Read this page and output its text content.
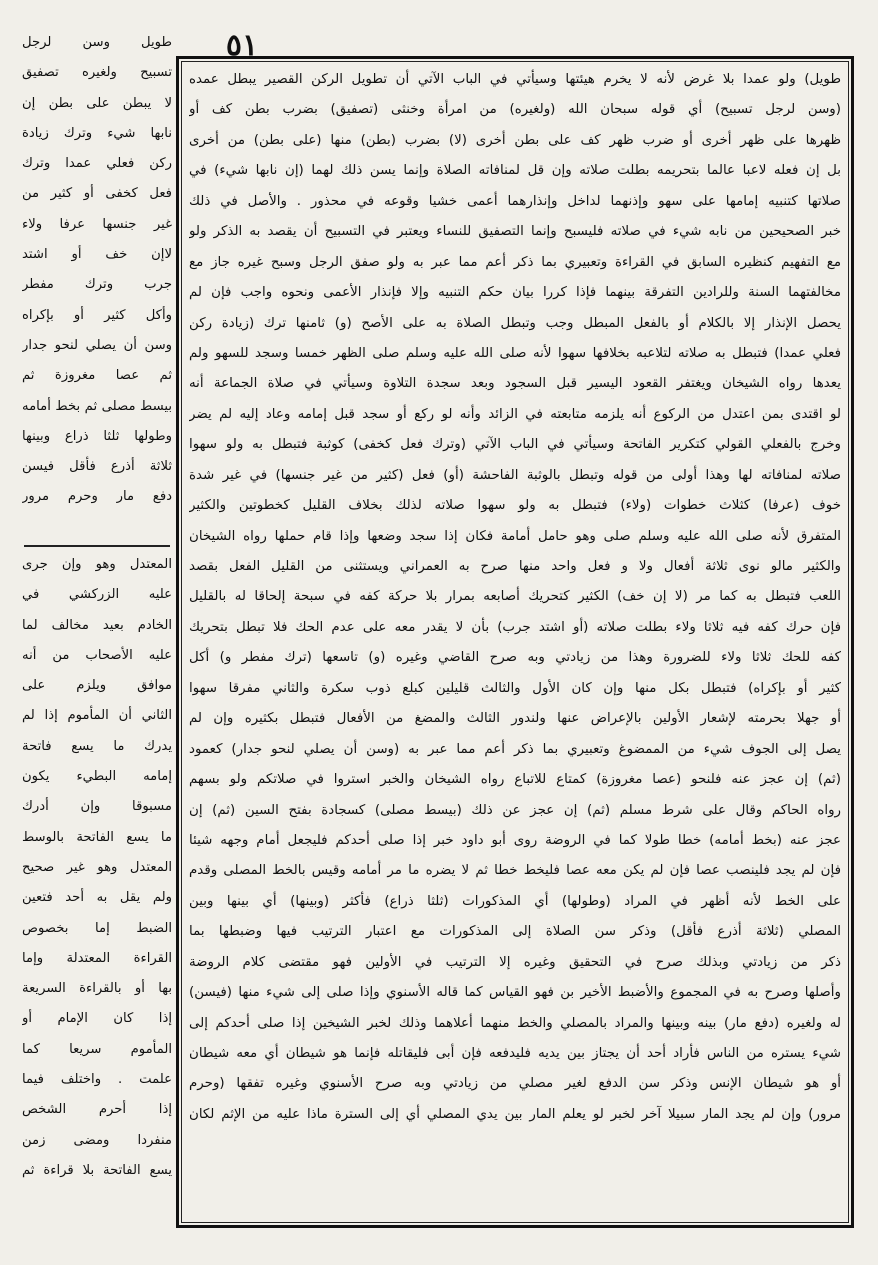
٥١
طويل وسن لرجل
تسبيح ولغيره تصفيق
لا يبطن على بطن إن
نابها شيء وترك زيادة
ركن فعلي عمدا وترك
فعل كخفى أو كثير من
غير جنسها عرفا ولاء
لاإن خف أو اشتد
جرب وترك مفطر
وأكل كثير أو بإكراه
وسن أن يصلي لنحو جدار
ثم عصا مغروزة ثم
بيسط مصلى ثم بخط أمامه
وطولها ثلثا ذراع وبينها
ثلاثة أذرع فأقل فيسن
دفع مار وحرم مرور
المعتدل وهو وإن جرى
عليه الزركشي في
الخادم بعيد مخالف لما
عليه الأصحاب من أنه
موافق ويلزم على
الثاني أن المأموم إذا لم
يدرك ما يسع فاتحة
إمامه البطيء يكون
مسبوقا وإن أدرك
ما يسع الفاتحة بالوسط
المعتدل وهو غير صحيح
ولم يقل به أحد فتعين
الضبط إما بخصوص
القراءة المعتدلة وإما
بها أو بالقراءة السريعة
إذا كان الإمام أو
المأموم سريعا كما
علمت . واختلف فيما
إذا أحرم الشخص
منفردا ومضى زمن
يسع الفاتحة بلا قراءة ثم
طويل) ولو عمدا بلا غرض لأنه لا يخرم هيئتها وسيأتي في الباب الآتي أن تطويل الركن القصير يبطل عمده
(وسن لرجل تسبيح) أي قوله سبحان الله (ولغيره) من امرأة وخنثى (تصفيق) بضرب بطن كف أو
ظهرها على ظهر أخرى أو ضرب ظهر كف على بطن أخرى (لا) بضرب (بطن) منها (على بطن) من أخرى
بل إن فعله لاعبا عالما بتحريمه بطلت صلاته وإن قل لمنافاته الصلاة وإنما يسن ذلك لهما (إن نابها شيء) في
صلاتها كتنبيه إمامها على سهو وإذنهما لداخل وإنذارهما أعمى خشيا وقوعه في محذور . والأصل في ذلك
خبر الصحيحين من نابه شيء في صلاته فليسبح وإنما التصفيق للنساء ويعتبر في التسبيح أن يقصد به الذكر ولو
مع التفهيم كنظيره السابق في القراءة وتعبيري بما ذكر أعم مما عبر به ولو صفق الرجل وسبح غيره جاز مع
مخالفتهما السنة وللرادين التفرقة بينهما فإذا كررا بيان حكم التنبيه وإلا فإنذار الأعمى ونحوه واجب فإن لم
يحصل الإنذار إلا بالكلام أو بالفعل المبطل وجب وتبطل الصلاة به على الأصح (و) ثامنها ترك (زيادة ركن
فعلي عمدا) فتبطل به صلاته لتلاعبه بخلافها سهوا لأنه صلى الله عليه وسلم صلى الظهر خمسا وسجد للسهو ولم
يعدها رواه الشيخان ويغتفر القعود اليسير قبل السجود وبعد سجدة التلاوة وسيأتي في صلاة الجماعة أنه
لو اقتدى بمن اعتدل من الركوع أنه يلزمه متابعته في الزائد وأنه لو ركع أو سجد قبل إمامه وعاد إليه لم يضر
وخرج بالفعلي القولي كتكرير الفاتحة وسيأتي في الباب الآتي (وترك فعل كخفى) كوثبة فتبطل به ولو سهوا
صلاته لمنافاته لها وهذا أولى من قوله وتبطل بالوثبة الفاحشة (أو) فعل (كثير من غير جنسها) في غير شدة
خوف (عرفا) كثلاث خطوات (ولاء) فتبطل به ولو سهوا صلاته لذلك بخلاف القليل كخطوتين والكثير
المتفرق لأنه صلى الله عليه وسلم صلى وهو حامل أمامة فكان إذا سجد وضعها وإذا قام حملها رواه الشيخان
والكثير مالو نوى ثلاثة أفعال ولا و فعل واحد منها صرح به العمراني ويستثنى من القليل الفعل بقصد
اللعب فتبطل به كما مر (لا إن خف) الكثير كتحريك أصابعه بمرار بلا حركة كفه في سبحة إلحاقا له بالقليل
فإن حرك كفه فيه ثلاثا ولاء بطلت صلاته (أو اشتد جرب) بأن لا يقدر معه على عدم الحك فلا تبطل بتحريك
كفه للحك ثلاثا ولاء للضرورة وهذا من زيادتي وبه صرح القاضي وغيره (و) تاسعها (ترك مفطر و) أكل
كثير أو بإكراه) فتبطل بكل منها وإن كان الأول والثالث قليلين كبلع ذوب سكرة والثاني مفرقا سهوا
أو جهلا بحرمته لإشعار الأولين بالإعراض عنها ولندور الثالث والمضغ من الأفعال فتبطل بكثيره وإن لم
يصل إلى الجوف شيء من الممضوغ وتعبيري بما ذكر أعم مما عبر به (وسن أن يصلي لنحو جدار) كعمود
(ثم) إن عجز عنه فلنحو (عصا مغروزة) كمتاع للاتباع رواه الشيخان والخبر استروا في صلاتكم ولو بسهم
رواه الحاكم وقال على شرط مسلم (ثم) إن عجز عن ذلك (بيسط مصلى) كسجادة بفتح السين (ثم) إن
عجز عنه (بخط أمامه) خطا طولا كما في الروضة روى أبو داود خبر إذا صلى أحدكم فليجعل أمام وجهه شيئا
فإن لم يجد فلينصب عصا فإن لم يكن معه عصا فليخط خطا ثم لا يضره ما مر أمامه وقيس بالخط المصلى وقدم
على الخط لأنه أظهر في المراد (وطولها) أي المذكورات (ثلثا ذراع) فأكثر (وبينها) أي بينها وبين
المصلي (ثلاثة أذرع فأقل) وذكر سن الصلاة إلى المذكورات مع اعتبار الترتيب فيها وضبطها بما
ذكر من زيادتي وبذلك صرح في التحقيق وغيره إلا الترتيب في الأولين فهو مقتضى كلام الروضة
وأصلها وصرح به في المجموع والأضبط الأخير بن فهو القياس كما قاله الأسنوي وإذا صلى إلى شيء منها (فيسن)
له ولغيره (دفع مار) بينه وبينها والمراد بالمصلي والخط منهما أعلاهما وذلك لخبر الشيخين إذا صلى أحدكم إلى
شيء يستره من الناس فأراد أحد أن يجتاز بين يديه فليدفعه فإن أبى فليقاتله فإنما هو شيطان أي معه شيطان
أو هو شيطان الإنس وذكر سن الدفع لغير مصلي من زيادتي وبه صرح الأسنوي وغيره تفقها (وحرم
مرور) وإن لم يجد المار سبيلا آخر لخبر لو يعلم المار بين يدي المصلي أي إلى السترة ماذا عليه من الإثم لكان
